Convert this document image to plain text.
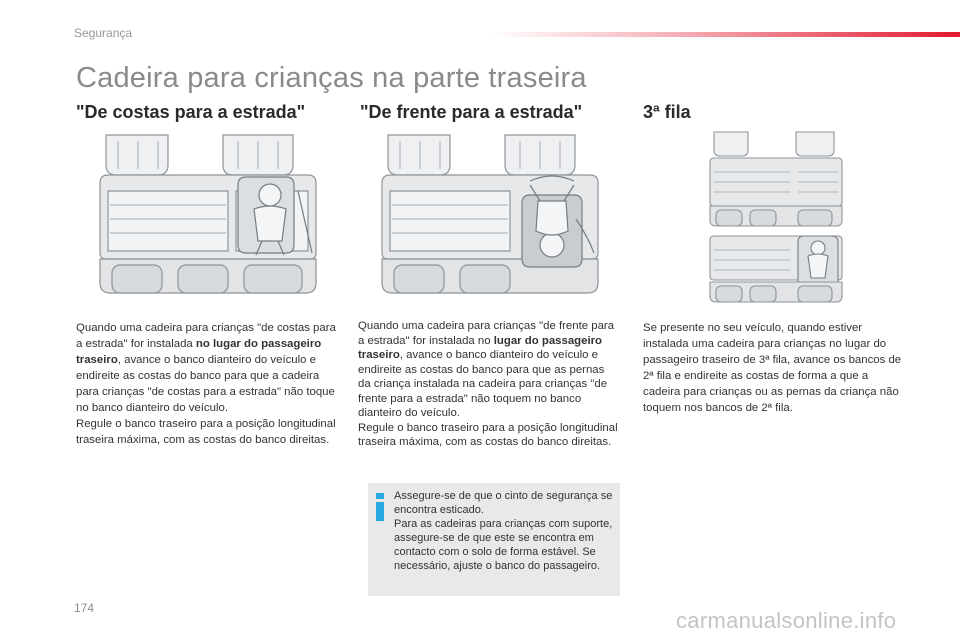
Segurança
Cadeira para crianças na parte traseira
"De costas para a estrada"	"De frente para a estrada"	3ª fila
Quando uma cadeira para crianças "de costas para a estrada" for instalada no lugar do passageiro traseiro, avance o banco dianteiro do veículo e endireite as costas do banco para que a cadeira para crianças "de costas para a estrada" não toque no banco dianteiro do veículo.
Regule o banco traseiro para a posição longitudinal traseira máxima, com as costas do banco direitas.
Quando uma cadeira para crianças "de frente para a estrada" for instalada no lugar do passageiro traseiro, avance o banco dianteiro do veículo e endireite as costas do banco para que as pernas da criança instalada na cadeira para crianças "de frente para a estrada" não toquem no banco dianteiro do veículo.
Regule o banco traseiro para a posição longitudinal traseira máxima, com as costas do banco direitas.
Se presente no seu veículo, quando estiver instalada uma cadeira para crianças no lugar do passageiro traseiro de 3ª fila, avance os bancos de 2ª fila e endireite as costas de forma a que a cadeira para crianças ou as pernas da criança não toquem nos bancos de 2ª fila.
Assegure-se de que o cinto de segurança se encontra esticado.
Para as cadeiras para crianças com suporte, assegure-se de que este se encontra em contacto com o solo de forma estável. Se necessário, ajuste o banco do passageiro.
174	carmanualsonline.info
